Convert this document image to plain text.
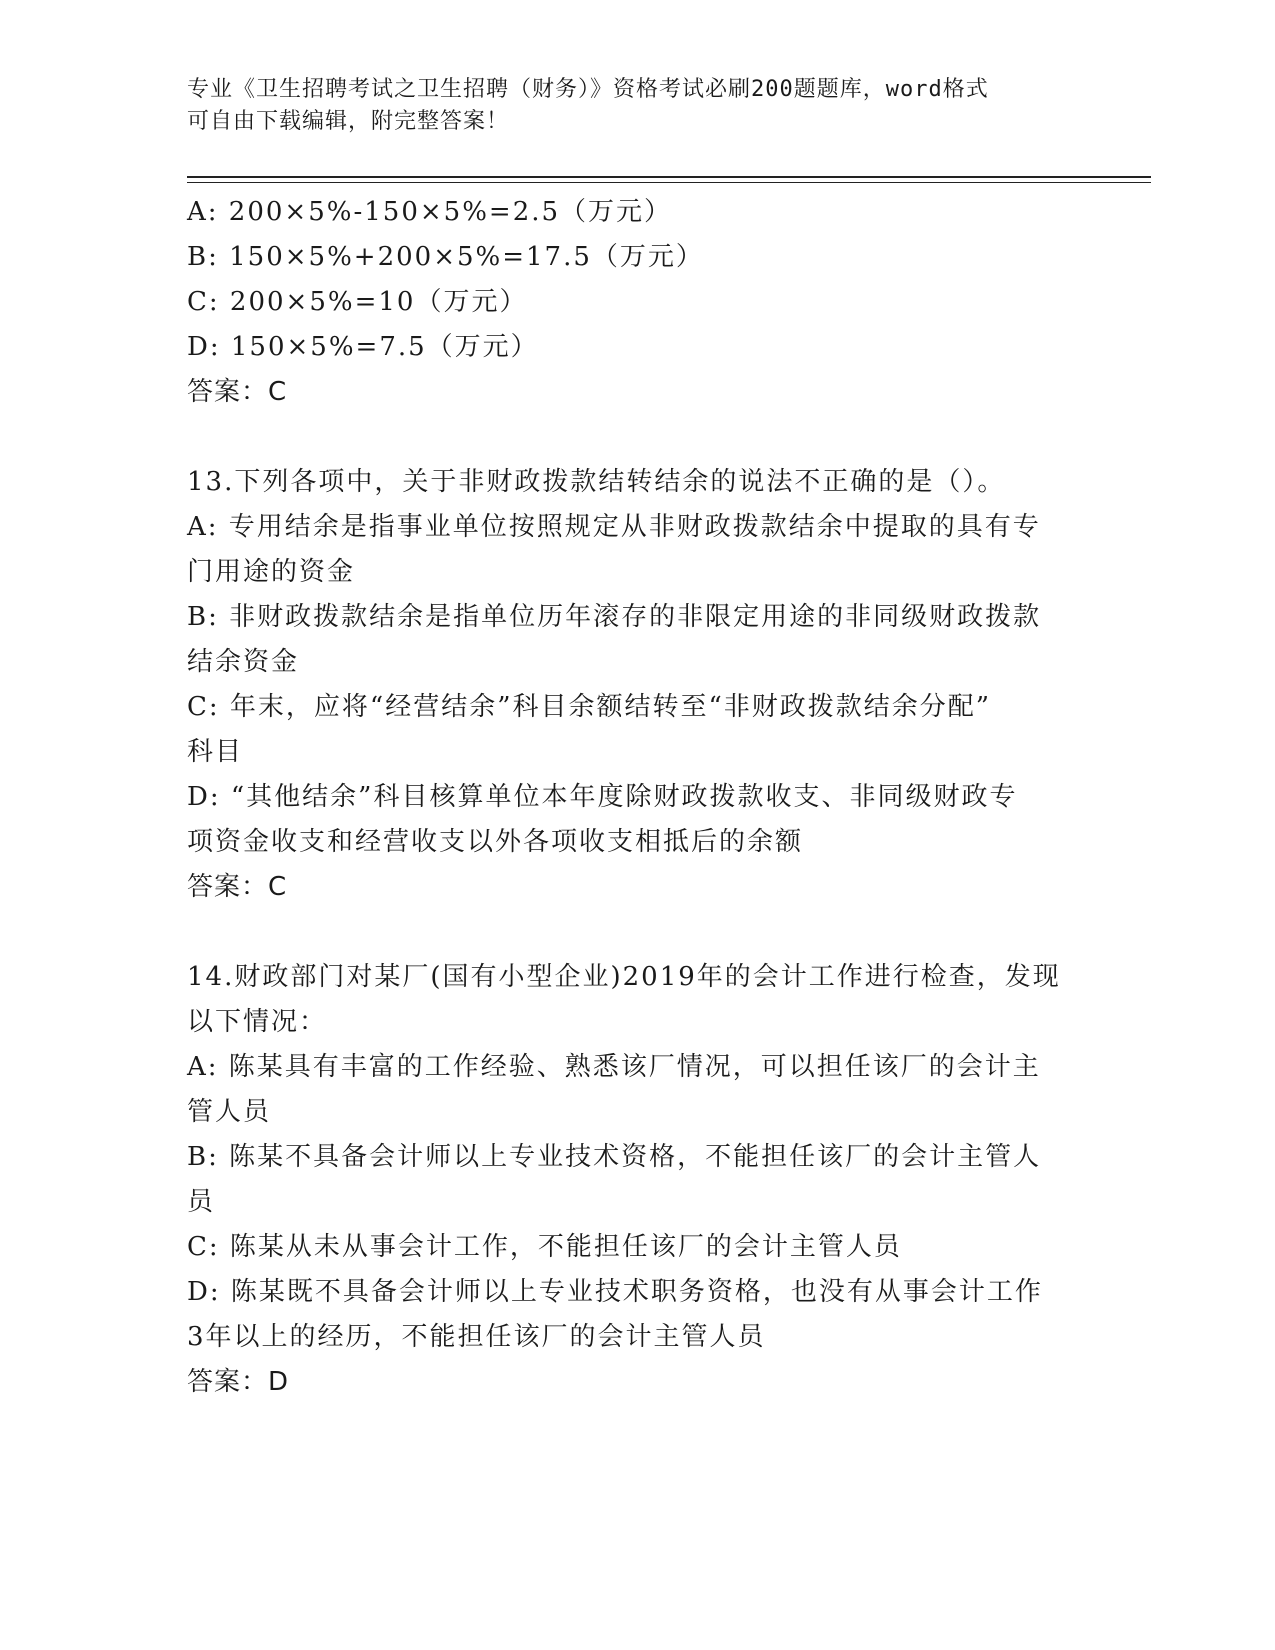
专业《卫生招聘考试之卫生招聘（财务）》资格考试必刷200题题库，word格式
可自由下载编辑，附完整答案！
A: 200×5%-150×5%=2.5（万元）
B: 150×5%+200×5%=17.5（万元）
C: 200×5%=10（万元）
D: 150×5%=7.5（万元）
答案：C
13.下列各项中，关于非财政拨款结转结余的说法不正确的是（）。
A: 专用结余是指事业单位按照规定从非财政拨款结余中提取的具有专
门用途的资金
B: 非财政拨款结余是指单位历年滚存的非限定用途的非同级财政拨款
结余资金
C: 年末，应将“经营结余”科目余额结转至“非财政拨款结余分配”
科目
D: “其他结余”科目核算单位本年度除财政拨款收支、非同级财政专
项资金收支和经营收支以外各项收支相抵后的余额
答案：C
14.财政部门对某厂(国有小型企业)2019年的会计工作进行检查，发现
以下情况：
A: 陈某具有丰富的工作经验、熟悉该厂情况，可以担任该厂的会计主
管人员
B: 陈某不具备会计师以上专业技术资格，不能担任该厂的会计主管人
员
C: 陈某从未从事会计工作，不能担任该厂的会计主管人员
D: 陈某既不具备会计师以上专业技术职务资格，也没有从事会计工作
3年以上的经历，不能担任该厂的会计主管人员
答案：D
